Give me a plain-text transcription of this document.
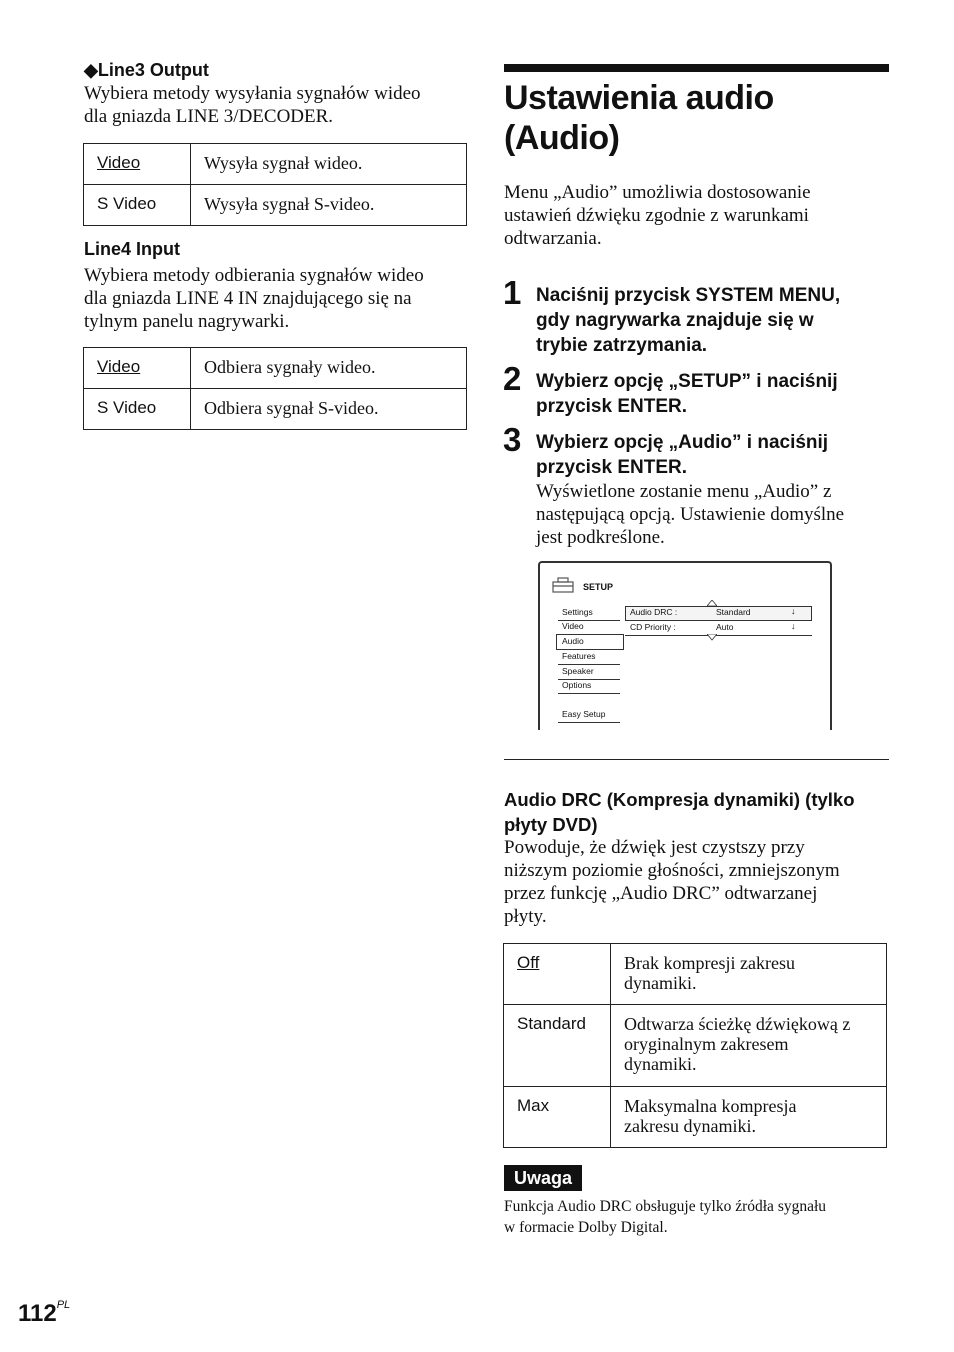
◆Line3 Output
Wybiera metody wysyłania sygnałów wideo
dla gniazda LINE 3/DECODER.
Video	Wysyła sygnał wideo.
S Video	Wysyła sygnał S-video.
Line4 Input
Wybiera metody odbierania sygnałów wideo
dla gniazda LINE 4 IN znajdującego się na
tylnym panelu nagrywarki.
Video	Odbiera sygnały wideo.
S Video	Odbiera sygnał S-video.
Ustawienia audio
(Audio)
Menu „Audio” umożliwia dostosowanie
ustawień dźwięku zgodnie z warunkami
odtwarzania.
1 Naciśnij przycisk SYSTEM MENU,
gdy nagrywarka znajduje się w
trybie zatrzymania.
2 Wybierz opcję „SETUP” i naciśnij
przycisk ENTER.
3 Wybierz opcję „Audio” i naciśnij
przycisk ENTER.
Wyświetlone zostanie menu „Audio” z
następującą opcją. Ustawienie domyślne
jest podkreślone.
SETUP
Settings
Video
Audio
Features
Speaker
Options
Easy Setup
Audio DRC :	Standard	↓
CD Priority :	Auto	↓
Audio DRC (Kompresja dynamiki) (tylko
płyty DVD)
Powoduje, że dźwięk jest czystszy przy
niższym poziomie głośności, zmniejszonym
przez funkcję „Audio DRC” odtwarzanej
płyty.
Off	Brak kompresji zakresu
dynamiki.

Standard	Odtwarza ścieżkę dźwiękową z
oryginalnym zakresem
dynamiki.

Max	Maksymalna kompresja
zakresu dynamiki.
Uwaga
Funkcja Audio DRC obsługuje tylko źródła sygnału
w formacie Dolby Digital.
$112^{PL}$
